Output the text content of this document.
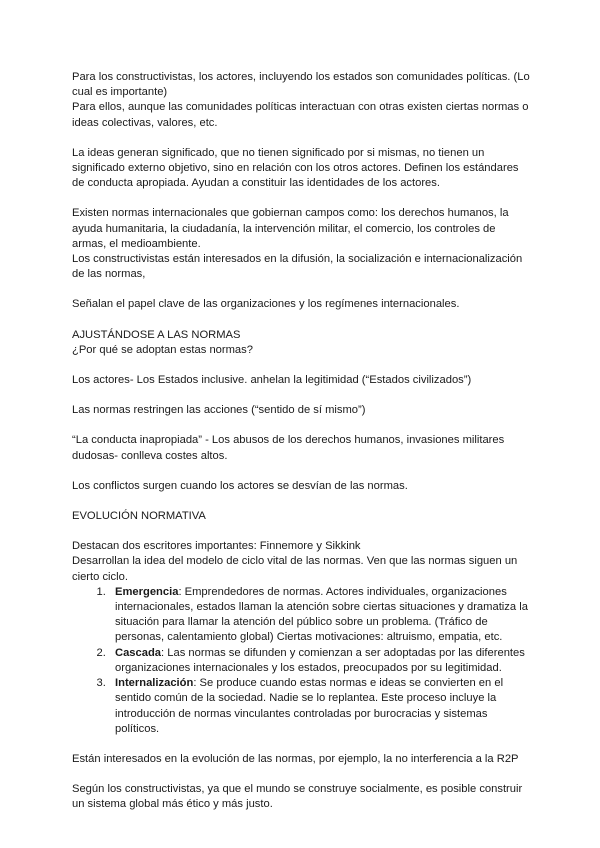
Para los constructivistas, los actores, incluyendo los estados son comunidades políticas. (Lo cual es importante)

Para ellos, aunque las comunidades políticas interactuan con otras existen ciertas normas o ideas colectivas, valores, etc.

La ideas generan significado, que no tienen significado por si mismas, no tienen un significado externo objetivo, sino en relación con los otros actores. Definen los estándares de conducta apropiada. Ayudan a constituir las identidades de los actores.

Existen normas internacionales que gobiernan campos como: los derechos humanos, la ayuda humanitaria, la ciudadanía, la intervención militar, el comercio, los controles de armas, el medioambiente.

Los constructivistas están interesados en la difusión, la socialización e internacionalización de las normas,

Señalan el papel clave de las organizaciones y los regímenes internacionales.

AJUSTÁNDOSE A LAS NORMAS

¿Por qué se adoptan estas normas?

Los actores- Los Estados inclusive. anhelan la legitimidad (“Estados civilizados”)

Las normas restringen las acciones (“sentido de sí mismo”)

“La conducta inapropiada” - Los abusos de los derechos humanos, invasiones militares dudosas- conlleva costes altos.

Los conflictos surgen cuando los actores se desvían de las normas.

EVOLUCIÓN NORMATIVA

Destacan dos escritores importantes: Finnemore y Sikkink

Desarrollan la idea del modelo de ciclo vital de las normas. Ven que las normas siguen un cierto ciclo.

1. Emergencia: Emprendedores de normas. Actores individuales, organizaciones internacionales, estados llaman la atención sobre ciertas situaciones y dramatiza la situación para llamar la atención del público sobre un problema. (Tráfico de personas, calentamiento global) Ciertas motivaciones: altruismo, empatia, etc.
2. Cascada: Las normas se difunden y comienzan a ser adoptadas por las diferentes organizaciones internacionales y los estados, preocupados por su legitimidad.
3. Internalización: Se produce cuando estas normas e ideas se convierten en el sentido común de la sociedad. Nadie se lo replantea. Este proceso incluye la introducción de normas vinculantes controladas por burocracias y sistemas políticos.

Están interesados en la evolución de las normas, por ejemplo, la no interferencia a la R2P

Según los constructivistas, ya que el mundo se construye socialmente, es posible construir un sistema global más ético y más justo.
